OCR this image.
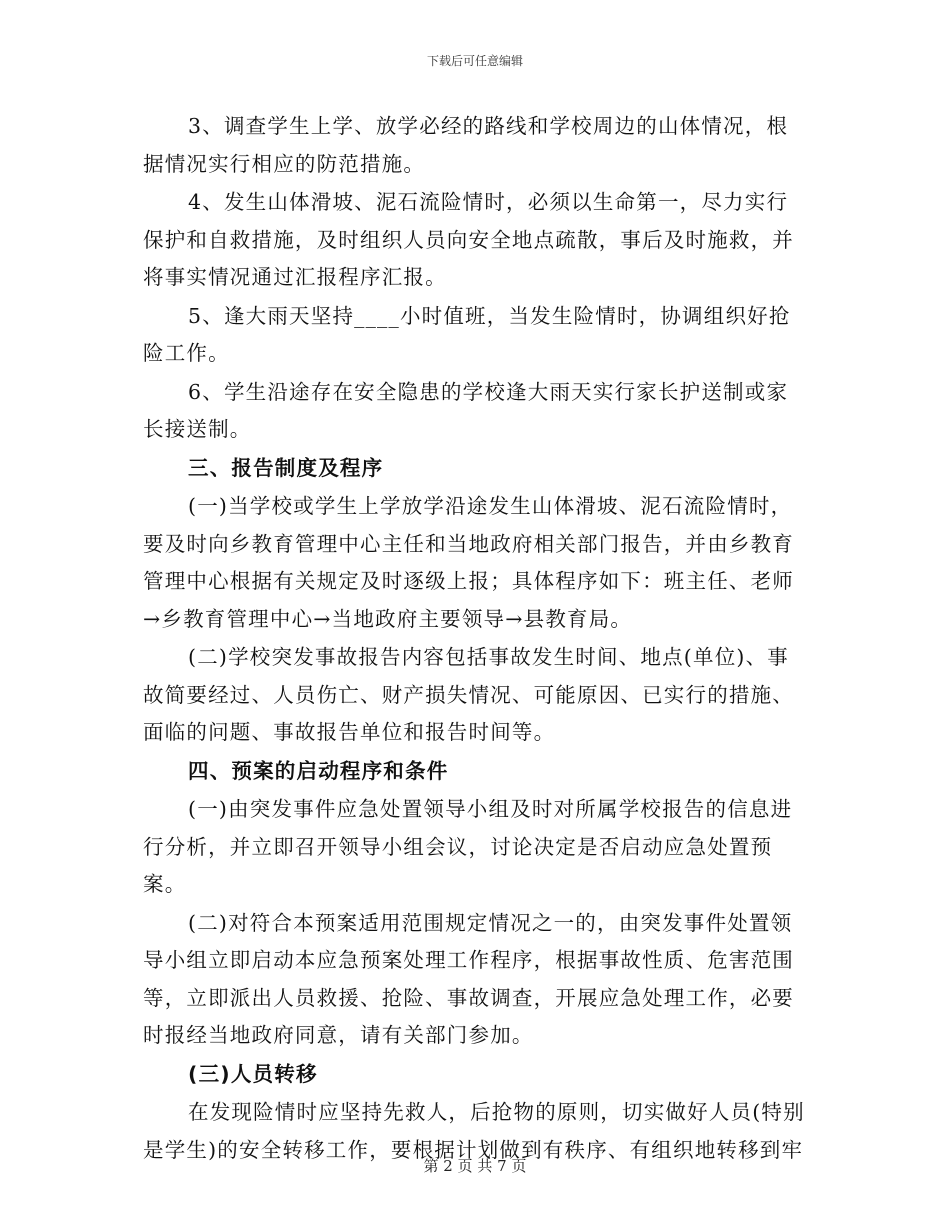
下载后可任意编辑

3、调查学生上学、放学必经的路线和学校周边的山体情况，根据情况实行相应的防范措施。

4、发生山体滑坡、泥石流险情时，必须以生命第一，尽力实行保护和自救措施，及时组织人员向安全地点疏散，事后及时施救，并将事实情况通过汇报程序汇报。

5、逢大雨天坚持____小时值班，当发生险情时，协调组织好抢险工作。

6、学生沿途存在安全隐患的学校逢大雨天实行家长护送制或家长接送制。

三、报告制度及程序

(一)当学校或学生上学放学沿途发生山体滑坡、泥石流险情时，要及时向乡教育管理中心主任和当地政府相关部门报告，并由乡教育管理中心根据有关规定及时逐级上报；具体程序如下：班主任、老师→乡教育管理中心→当地政府主要领导→县教育局。

(二)学校突发事故报告内容包括事故发生时间、地点(单位)、事故简要经过、人员伤亡、财产损失情况、可能原因、已实行的措施、面临的问题、事故报告单位和报告时间等。

四、预案的启动程序和条件

(一)由突发事件应急处置领导小组及时对所属学校报告的信息进行分析，并立即召开领导小组会议，讨论决定是否启动应急处置预案。

(二)对符合本预案适用范围规定情况之一的，由突发事件处置领导小组立即启动本应急预案处理工作程序，根据事故性质、危害范围等，立即派出人员救援、抢险、事故调查，开展应急处理工作，必要时报经当地政府同意，请有关部门参加。

(三)人员转移

在发现险情时应坚持先救人，后抢物的原则，切实做好人员(特别是学生)的安全转移工作，要根据计划做到有秩序、有组织地转移到牢

第 2 页 共 7 页
